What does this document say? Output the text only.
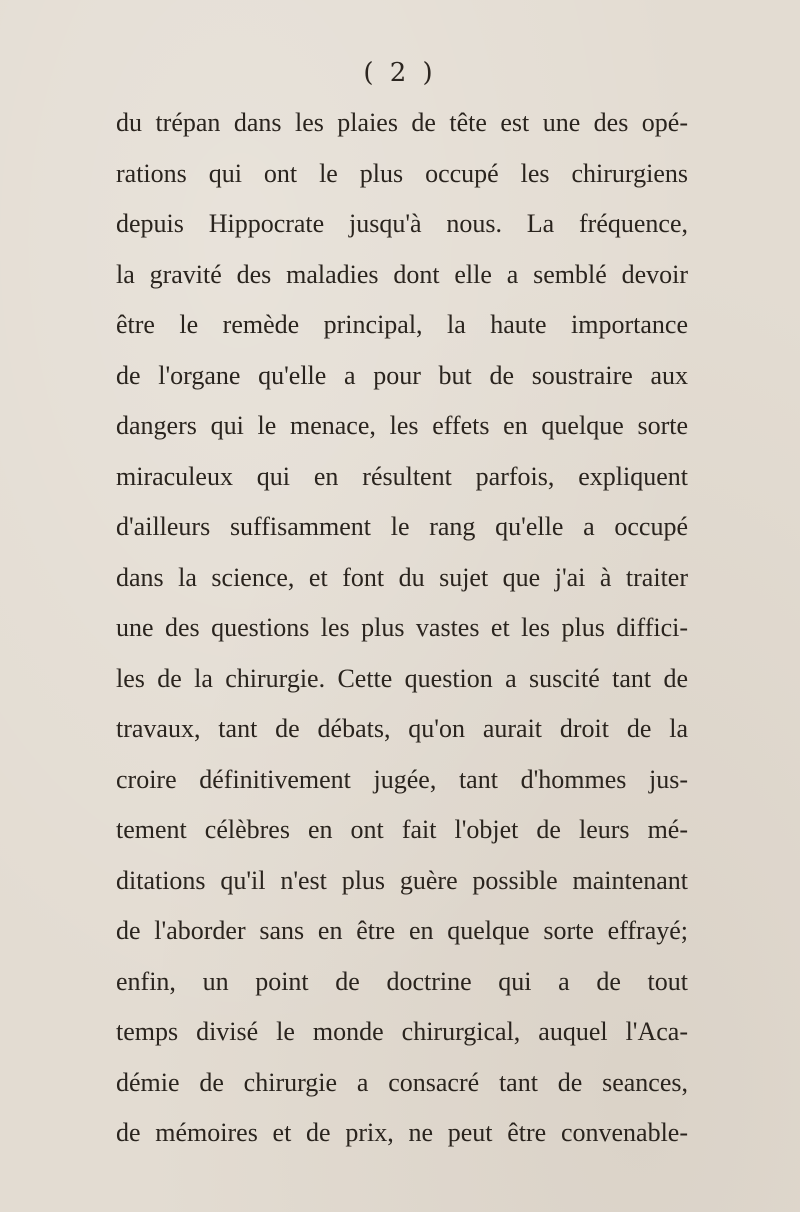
( 2 )
du trépan dans les plaies de tête est une des opé-
rations qui ont le plus occupé les chirurgiens
depuis Hippocrate jusqu'à nous. La fréquence,
la gravité des maladies dont elle a semblé devoir
être le remède principal, la haute importance
de l'organe qu'elle a pour but de soustraire aux
dangers qui le menace, les effets en quelque sorte
miraculeux qui en résultent parfois, expliquent
d'ailleurs suffisamment le rang qu'elle a occupé
dans la science, et font du sujet que j'ai à traiter
une des questions les plus vastes et les plus diffici-
les de la chirurgie. Cette question a suscité tant de
travaux, tant de débats, qu'on aurait droit de la
croire définitivement jugée, tant d'hommes jus-
tement célèbres en ont fait l'objet de leurs mé-
ditations qu'il n'est plus guère possible maintenant
de l'aborder sans en être en quelque sorte effrayé;
enfin, un point de doctrine qui a de tout
temps divisé le monde chirurgical, auquel l'Aca-
démie de chirurgie a consacré tant de seances,
de mémoires et de prix, ne peut être convenable-
